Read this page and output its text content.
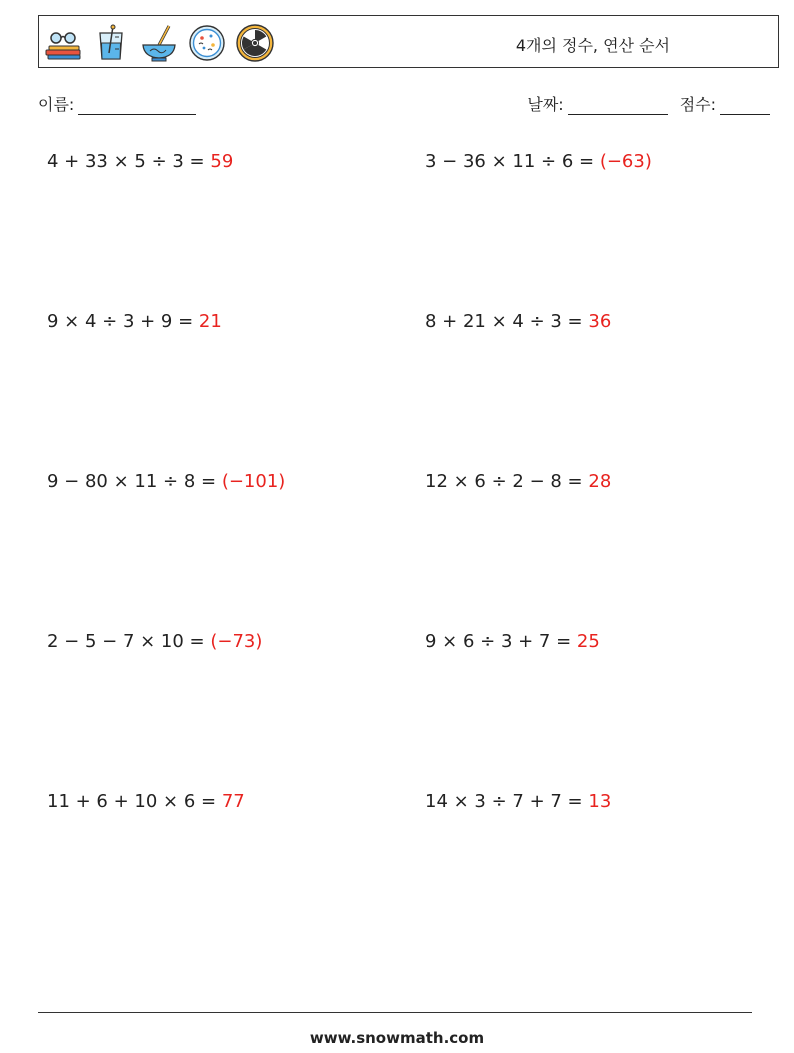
4개의 정수, 연산 순서
이름:	날짜:	점수:
4 + 33 × 5 ÷ 3 = 59	3 − 36 × 11 ÷ 6 = (−63)
9 × 4 ÷ 3 + 9 = 21	8 + 21 × 4 ÷ 3 = 36
9 − 80 × 11 ÷ 8 = (−101)	12 × 6 ÷ 2 − 8 = 28
2 − 5 − 7 × 10 = (−73)	9 × 6 ÷ 3 + 7 = 25
11 + 6 + 10 × 6 = 77	14 × 3 ÷ 7 + 7 = 13
www.snowmath.com
